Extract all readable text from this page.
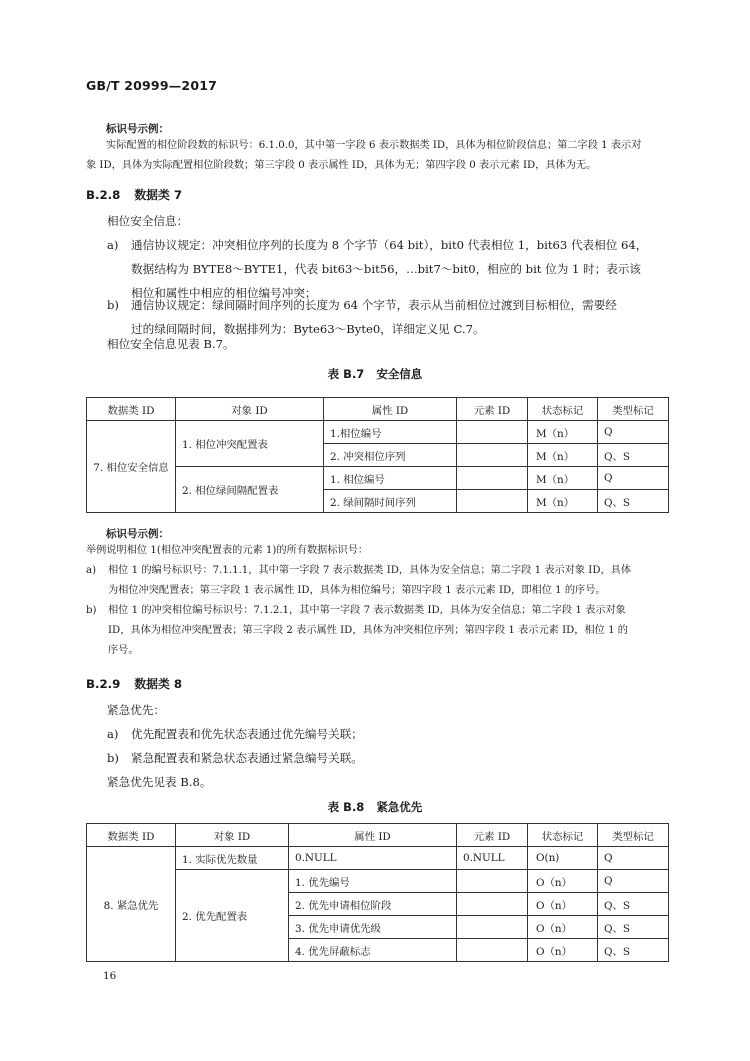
GB/T 20999—2017
标识号示例：
实际配置的相位阶段数的标识号：6.1.0.0，其中第一字段 6 表示数据类 ID，具体为相位阶段信息；第二字段 1 表示对
象 ID，具体为实际配置相位阶段数；第三字段 0 表示属性 ID，具体为无；第四字段 0 表示元素 ID，具体为无。
B.2.8 数据类 7
相位安全信息：
a) 通信协议规定：冲突相位序列的长度为 8 个字节（64 bit），bit0 代表相位 1，bit63 代表相位 64，
数据结构为 BYTE8～BYTE1，代表 bit63～bit56，…bit7～bit0，相应的 bit 位为 1 时；表示该
相位和属性中相应的相位编号冲突；
b) 通信协议规定：绿间隔时间序列的长度为 64 个字节，表示从当前相位过渡到目标相位，需要经
过的绿间隔时间，数据排列为：Byte63～Byte0，详细定义见 C.7。
相位安全信息见表 B.7。
表 B.7 安全信息
数据类 ID	对象 ID	属性 ID	元素 ID	状态标记	类型标记
7. 相位安全信息	1. 相位冲突配置表	1.相位编号		M（n）	Q
		2. 冲突相位序列		M（n）	Q、S
	2. 相位绿间隔配置表	1. 相位编号		M（n）	Q
		2. 绿间隔时间序列		M（n）	Q、S
标识号示例：
举例说明相位 1(相位冲突配置表的元素 1)的所有数据标识号：
a) 相位 1 的编号标识号：7.1.1.1，其中第一字段 7 表示数据类 ID，具体为安全信息；第二字段 1 表示对象 ID，具体
为相位冲突配置表；第三字段 1 表示属性 ID，具体为相位编号；第四字段 1 表示元素 ID，即相位 1 的序号。
b) 相位 1 的冲突相位编号标识号：7.1.2.1，其中第一字段 7 表示数据类 ID，具体为安全信息；第二字段 1 表示对象
ID，具体为相位冲突配置表；第三字段 2 表示属性 ID，具体为冲突相位序列；第四字段 1 表示元素 ID，相位 1 的
序号。
B.2.9 数据类 8
紧急优先：
a) 优先配置表和优先状态表通过优先编号关联；
b) 紧急配置表和紧急状态表通过紧急编号关联。
紧急优先见表 B.8。
表 B.8 紧急优先
数据类 ID	对象 ID	属性 ID	元素 ID	状态标记	类型标记
8. 紧急优先	1. 实际优先数量	0.NULL	0.NULL	O(n)	Q
	2. 优先配置表	1. 优先编号		O（n）	Q
		2. 优先申请相位阶段		O（n）	Q、S
		3. 优先申请优先级		O（n）	Q、S
		4. 优先屏蔽标志		O（n）	Q、S
16
